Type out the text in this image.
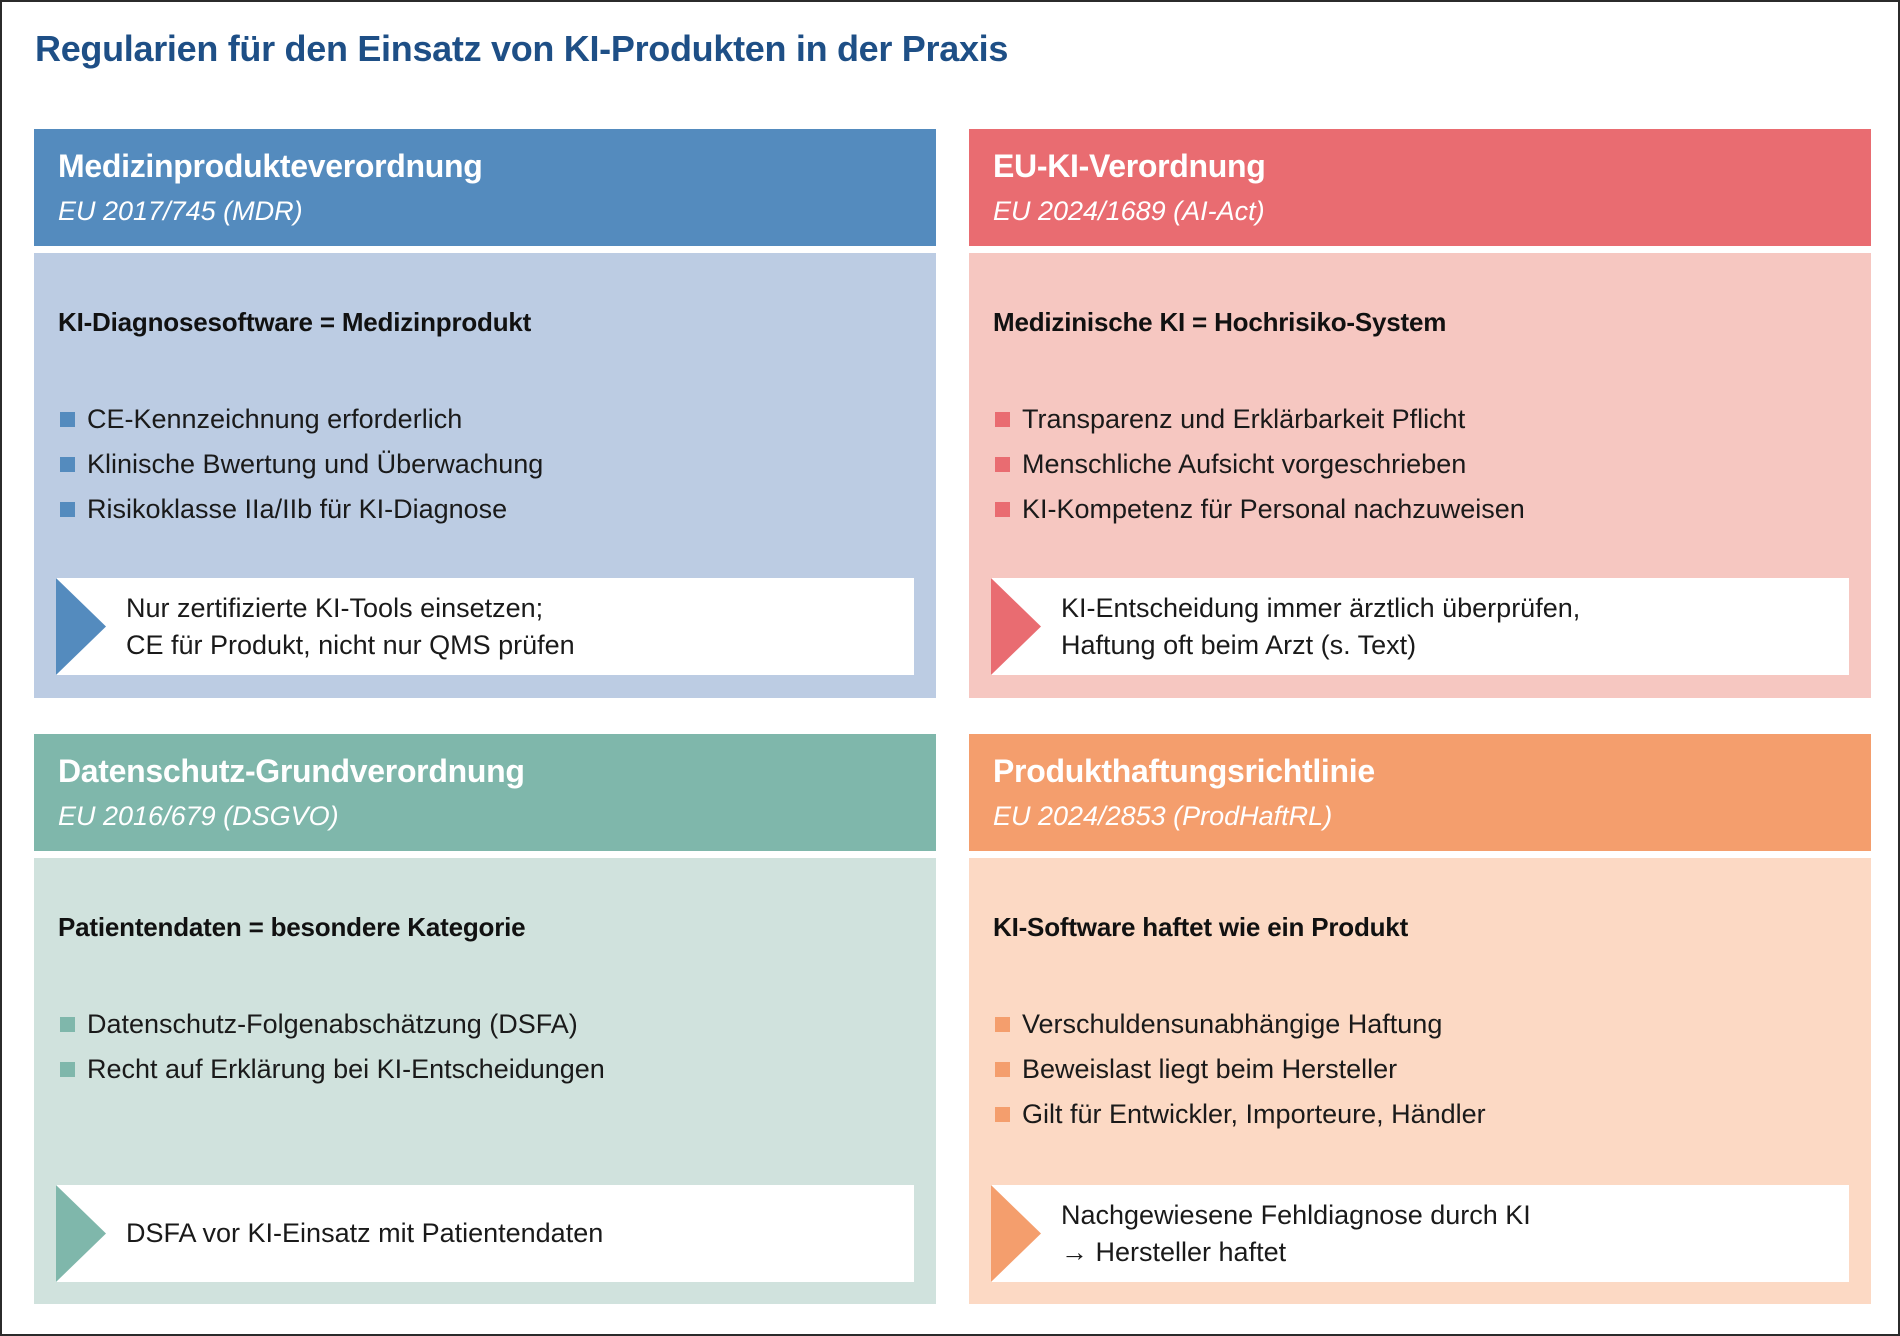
Regularien für den Einsatz von KI-Produkten in der Praxis
Medizinprodukteverordnung
EU 2017/745 (MDR)
KI-Diagnosesoftware = Medizinprodukt
CE-Kennzeichnung erforderlich
Klinische Bwertung und Überwachung
Risikoklasse IIa/IIb für KI-Diagnose
Nur zertifizierte KI-Tools einsetzen;
CE für Produkt, nicht nur QMS prüfen
EU-KI-Verordnung
EU 2024/1689 (AI-Act)
Medizinische KI = Hochrisiko-System
Transparenz und Erklärbarkeit Pflicht
Menschliche Aufsicht vorgeschrieben
KI-Kompetenz für Personal nachzuweisen
KI-Entscheidung immer ärztlich überprüfen,
Haftung oft beim Arzt (s. Text)
Datenschutz-Grundverordnung
EU 2016/679 (DSGVO)
Patientendaten = besondere Kategorie
Datenschutz-Folgenabschätzung (DSFA)
Recht auf Erklärung bei KI-Entscheidungen
DSFA vor KI-Einsatz mit Patientendaten
Produkthaftungsrichtlinie
EU 2024/2853 (ProdHaftRL)
KI-Software haftet wie ein Produkt
Verschuldensunabhängige Haftung
Beweislast liegt beim Hersteller
Gilt für Entwickler, Importeure, Händler
Nachgewiesene Fehldiagnose durch KI
→ Hersteller haftet
